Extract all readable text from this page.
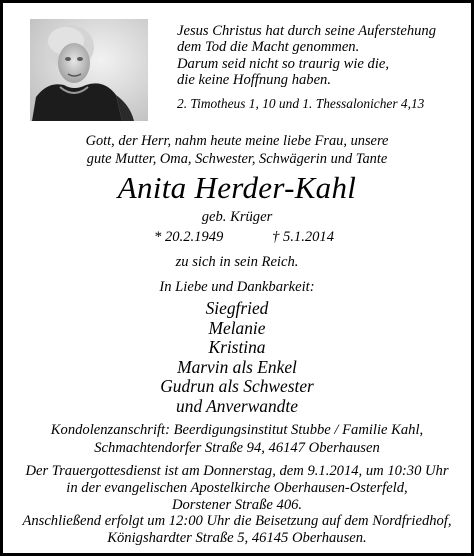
Jesus Christus hat durch seine Auferstehung
dem Tod die Macht genommen.
Darum seid nicht so traurig wie die,
die keine Hoffnung haben.
2. Timotheus 1, 10 und 1. Thessalonicher 4,13
Gott, der Herr, nahm heute meine liebe Frau, unsere
gute Mutter, Oma, Schwester, Schwägerin und Tante
Anita Herder-Kahl
geb. Krüger
* 20.2.1949	† 5.1.2014
zu sich in sein Reich.
In Liebe und Dankbarkeit:
Siegfried
Melanie
Kristina
Marvin als Enkel
Gudrun als Schwester
und Anverwandte
Kondolenzanschrift: Beerdigungsinstitut Stubbe / Familie Kahl,
Schmachtendorfer Straße 94, 46147 Oberhausen
Der Trauergottesdienst ist am Donnerstag, dem 9.1.2014, um 10:30 Uhr
in der evangelischen Apostelkirche Oberhausen-Osterfeld,
Dorstener Straße 406.
Anschließend erfolgt um 12:00 Uhr die Beisetzung auf dem Nordfriedhof,
Königshardter Straße 5, 46145 Oberhausen.
